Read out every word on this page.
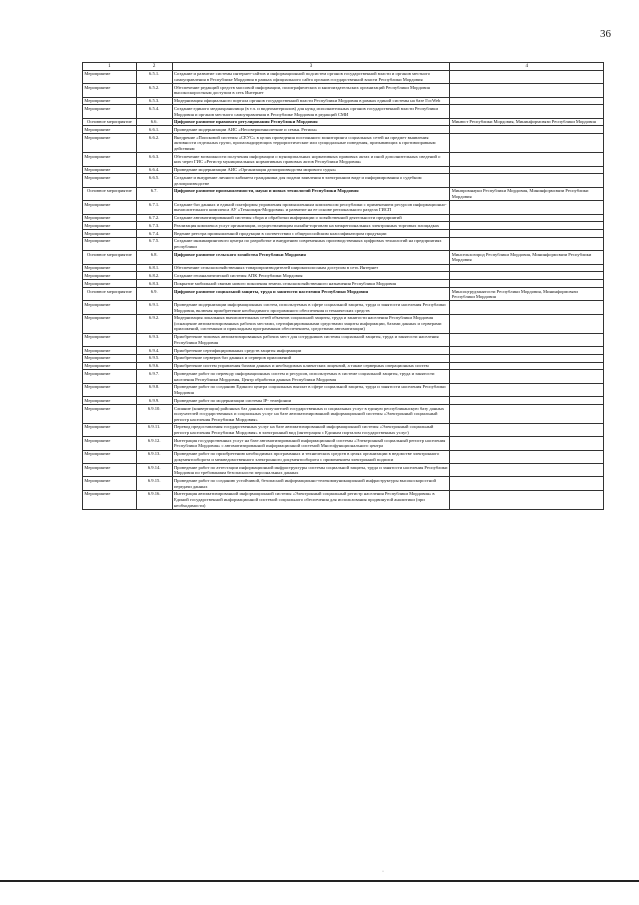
36
1	2	3	4
Мероприятие	6.5.1.	Создание и развитие системы интернет-сайтов и информационной подсистем органов государственной власти и органов местного самоуправления в Республике Мордовия в рамках официального сайта органов государственной власти Республики Мордовия	
Мероприятие	6.5.2.	Обеспечение редакций средств массовой информации, полиграфических и книгоиздательских организаций Республики Мордовия высокоскоростным доступом в сеть Интернет	
Мероприятие	6.5.3.	Модернизация официального портала органов государственной власти Республики Мордовия в рамках единой системы на базе ГосWeb	
Мероприятие	6.5.4.	Создание единого медиахранилища (в т.ч. и видеоматериалов) для нужд исполнительных органов государственной власти Республики Мордовия и органов местного самоуправления в Республике Мордовия в редакций СМИ	
Основное мероприятие	6.6.	Цифровое развитие правового регулирования Республики Мордовия	Минюст Республики Мордовия, Мининформсвязи Республики Мордовия
Мероприятие	6.6.1.	Проведение модернизации АИС «Несовершеннолетние и семья. Регион»	
Мероприятие	6.6.2.	Внедрение «Поисковой системы «СЕУС» в целях проведения постоянного мониторинга социальных сетей на предмет выявления активности отдельных групп, пропагандирующих террористические или суицидальные поведения, призывающих к противоправным действиям	
Мероприятие	6.6.3.	Обеспечение возможности получения информации о муниципальных нормативных правовых актах и иной дополнительных сведений о них через ГИС «Регистр муниципальных нормативных правовых актов Республики Мордовия»	
Мероприятие	6.6.4.	Проведение модернизации АИС «Организация делопроизводства мирового судьи»	
Мероприятие	6.6.5.	Создание и внедрение личного кабинета гражданина для подачи заявления в электронном виде и информирования о судебном делопроизводстве	
Основное мероприятие	6.7.	Цифровое развитие промышленности, науки и новых технологий Республики Мордовия	Минпромнауки Республики Мордовия, Мининформсвязи Республики Мордовия
Мероприятие	6.7.1.	Создание баз данных и единой платформы управления промышленным комплексом республики с применением ресурсов информационно-вычислительного комплекса АУ «Технопарк-Мордовия» и развитие на ее основе регионального раздела ГИСП	
Мероприятие	6.7.2.	Создание автоматизированной системы сбора и обработки информации о хозяйственной деятельности предприятий	
Мероприятие	6.7.3.	Реализация комплекса услуг организации, осуществляющим онлайн-торговлю на межрегиональных электронных торговых площадках	
Мероприятие	6.7.4.	Ведение реестра промышленной продукции в соответствии с общероссийским классификатором продукции	
Мероприятие	6.7.5.	Создание инжинирингового центра по разработке и внедрению современных производственных цифровых технологий на предприятиях республики	
Основное мероприятие	6.8.	Цифровое развитие сельского хозяйства Республики Мордовия	Минсельхозпрод Республики Мордовия, Мининформсвязи Республики Мордовия
Мероприятие	6.8.1.	Обеспечение сельскохозяйственных товаропроизводителей широкополосным доступом в сеть Интернет	
Мероприятие	6.8.2.	Создание геоаналитической системы АПК Республики Мордовия	
Мероприятие	6.8.3.	Покрытие мобильной связью нового поколения земель сельскохозяйственного назначения Республики Мордовия	
Основное мероприятие	6.9.	Цифровое развитие социальной защиты, труда и занятости населения Республики Мордовия	Минсоцтрудзанятости Республики Мордовия, Мининформсвязи Республики Мордовия
Мероприятие	6.9.1.	Проведение модернизации информационных систем, используемых в сфере социальной защиты, труда и занятости населения Республики Мордовия, включая приобретение необходимого программного обеспечения и технических средств	
Мероприятие	6.9.2.	Модернизация локальных вычислительных сетей объектов социальной защиты, труда и занятости населения Республики Мордовия (оснащение автоматизированных рабочих местами, сертифицированными средствами защиты информации, базами данных и серверами приложений, системным и прикладным программным обеспечением, средствами автоматизации)	
Мероприятие	6.9.3.	Приобретение типовых автоматизированных рабочих мест для сотрудников системы социальной защиты, труда и занятости населения Республики Мордовия	
Мероприятие	6.9.4.	Приобретение сертифицированных средств защиты информации	
Мероприятие	6.9.5.	Приобретение серверов баз данных и серверов приложений	
Мероприятие	6.9.6.	Приобретение систем управления базами данных и необходимых клиентских лицензий, а также серверных операционных систем	
Мероприятие	6.9.7.	Проведение работ по переводу информационных систем и ресурсов, используемых в системе социальной защиты, труда и занятости населения Республики Мордовия, Центр обработки данных Республики Мордовия	
Мероприятие	6.9.8.	Проведение работ по созданию Единого центра социальных выплат в сфере социальной защиты, труда и занятости населения Республики Мордовия	
Мероприятие	6.9.9.	Проведение работ по модернизации системы IP- телефонии	
Мероприятие	6.9.10.	Слияние (конвертация) районных баз данных получателей государственных и социальных услуг в единую республиканскую базу данных получателей государственных и социальных услуг на базе автоматизированной информационной системы «Электронный социальный регистр населения Республики Мордовия»	
Мероприятие	6.9.11.	Перевод предоставления государственных услуг на базе автоматизированной информационной системы «Электронный социальный регистр населения Республики Мордовия» в электронный вид (интеграция с Единым порталом государственных услуг)	
Мероприятие	6.9.12.	Интеграция государственных услуг на базе автоматизированной информационной системы «Электронный социальный регистр населения Республики Мордовия» с автоматизированной информационной системой Многофункционального центра	
Мероприятие	6.9.13.	Проведение работ по приобретению необходимых программных и технических средств в целях организации в ведомстве электронного документооборота и межведомственного электронного документооборота с применением электронной подписи	
Мероприятие	6.9.14.	Проведение работ по аттестации информационной инфраструктуры системы социальной защиты, труда и занятости населения Республики Мордовия по требованиям безопасности персональных данных	
Мероприятие	6.9.15.	Проведение работ по созданию устойчивой, безопасной информационно-телекоммуникационной инфраструктуры высокоскоростной передачи данных	
Мероприятие	6.9.16.	Интеграция автоматизированной информационной системы «Электронный социальный регистр населения Республики Мордовия» в Единой государственной информационной системой социального обеспечения для использования продвинутой аналитики (при необходимости)	
·
